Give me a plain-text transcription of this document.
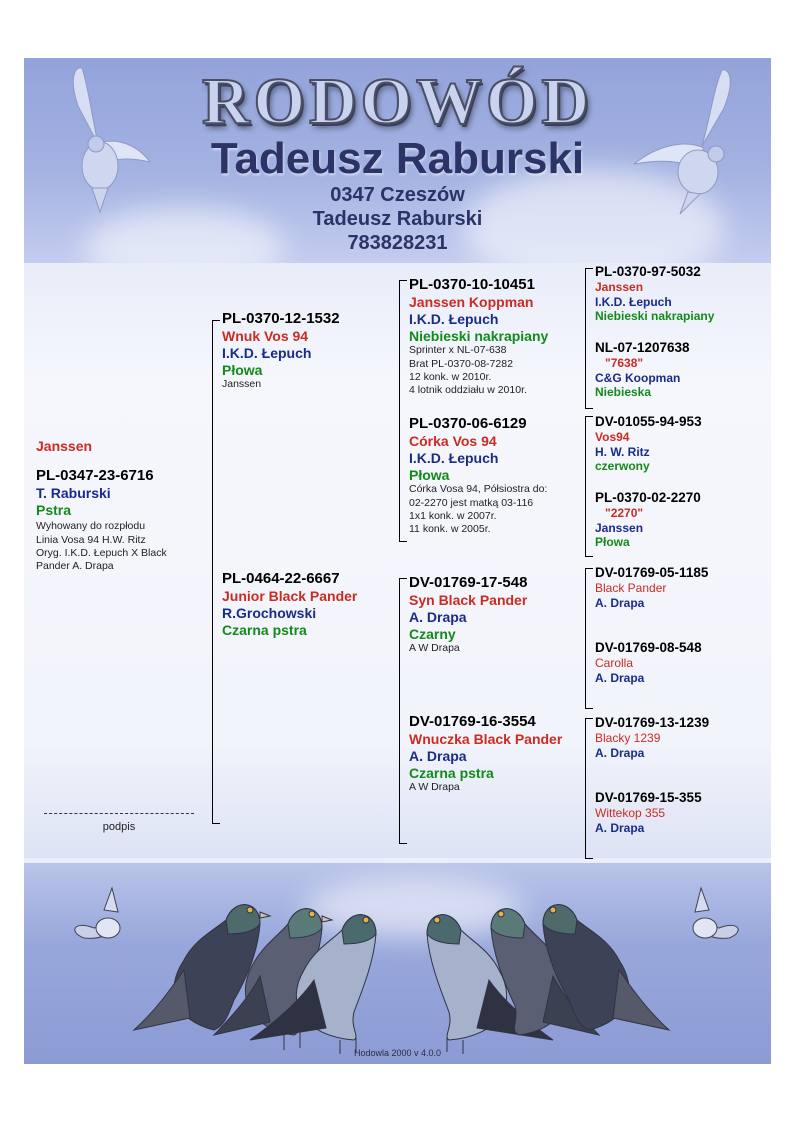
RODOWÓD
Tadeusz Raburski
0347 Czeszów
Tadeusz Raburski
783828231
Janssen
PL-0347-23-6716
T. Raburski
Pstra
Wyhowany do rozpłodu
Linia Vosa 94 H.W. Ritz
Oryg. I.K.D. Łepuch X Black
Pander A. Drapa
PL-0370-12-1532
Wnuk Vos 94
I.K.D. Łepuch
Płowa
Janssen
PL-0464-22-6667
Junior Black Pander
R.Grochowski
Czarna pstra
PL-0370-10-10451
Janssen Koppman
I.K.D. Łepuch
Niebieski nakrapiany
Sprinter x NL-07-638
Brat PL-0370-08-7282
12 konk. w 2010r.
4 lotnik oddziału w 2010r.
PL-0370-06-6129
Córka Vos 94
I.K.D. Łepuch
Płowa
Córka Vosa 94, Półsiostra do:
02-2270 jest matką 03-116
1x1 konk. w 2007r.
11 konk. w 2005r.
DV-01769-17-548
Syn Black Pander
A. Drapa
Czarny
A W Drapa
DV-01769-16-3554
Wnuczka Black Pander
A. Drapa
Czarna pstra
A W Drapa
PL-0370-97-5032
Janssen
I.K.D. Łepuch
Niebieski nakrapiany
NL-07-1207638
"7638"
C&G Koopman
Niebieska
DV-01055-94-953
Vos94
H. W. Ritz
czerwony
PL-0370-02-2270
"2270"
Janssen
Płowa
DV-01769-05-1185
Black Pander
A. Drapa
DV-01769-08-548
Carolla
A. Drapa
DV-01769-13-1239
Blacky 1239
A. Drapa
DV-01769-15-355
Wittekop 355
A. Drapa
podpis
Hodowla 2000 v 4.0.0
